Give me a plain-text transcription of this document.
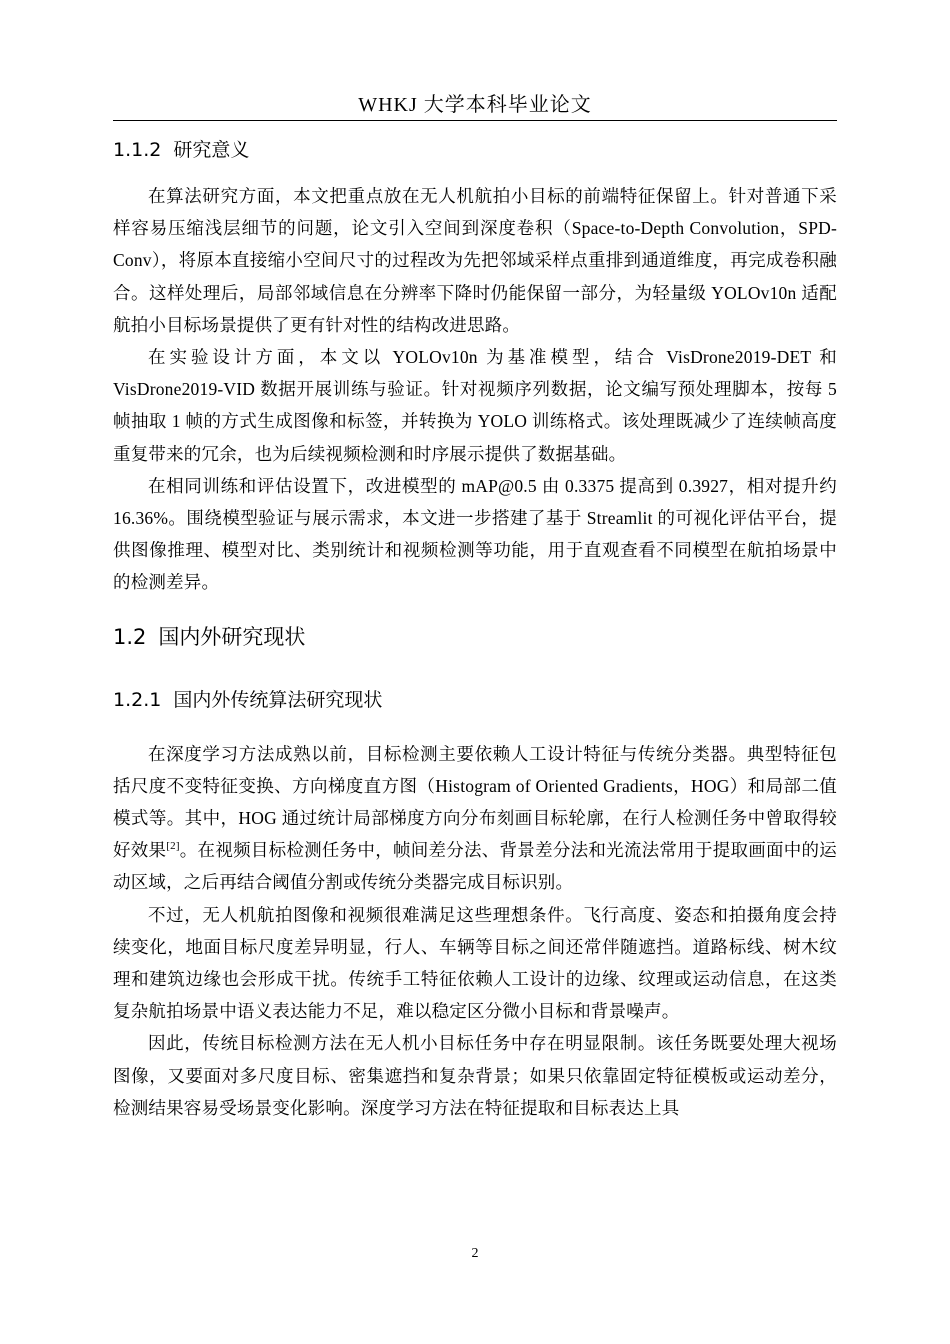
WHKJ 大学本科毕业论文
1.1.2 研究意义

在算法研究方面，本文把重点放在无人机航拍小目标的前端特征保留上。针对普通下采样容易压缩浅层细节的问题，论文引入空间到深度卷积（Space-to-Depth Convolution，SPD-Conv），将原本直接缩小空间尺寸的过程改为先把邻域采样点重排到通道维度，再完成卷积融合。这样处理后，局部邻域信息在分辨率下降时仍能保留一部分，为轻量级 YOLOv10n 适配航拍小目标场景提供了更有针对性的结构改进思路。

在实验设计方面，本文以 YOLOv10n 为基准模型，结合 VisDrone2019-DET 和 VisDrone2019-VID 数据开展训练与验证。针对视频序列数据，论文编写预处理脚本，按每 5 帧抽取 1 帧的方式生成图像和标签，并转换为 YOLO 训练格式。该处理既减少了连续帧高度重复带来的冗余，也为后续视频检测和时序展示提供了数据基础。

在相同训练和评估设置下，改进模型的 mAP@0.5 由 0.3375 提高到 0.3927，相对提升约 16.36%。围绕模型验证与展示需求，本文进一步搭建了基于 Streamlit 的可视化评估平台，提供图像推理、模型对比、类别统计和视频检测等功能，用于直观查看不同模型在航拍场景中的检测差异。

1.2 国内外研究现状
1.2.1 国内外传统算法研究现状

在深度学习方法成熟以前，目标检测主要依赖人工设计特征与传统分类器。典型特征包括尺度不变特征变换、方向梯度直方图（Histogram of Oriented Gradients，HOG）和局部二值模式等。其中，HOG 通过统计局部梯度方向分布刻画目标轮廓，在行人检测任务中曾取得较好效果[2]。在视频目标检测任务中，帧间差分法、背景差分法和光流法常用于提取画面中的运动区域，之后再结合阈值分割或传统分类器完成目标识别。

不过，无人机航拍图像和视频很难满足这些理想条件。飞行高度、姿态和拍摄角度会持续变化，地面目标尺度差异明显，行人、车辆等目标之间还常伴随遮挡。道路标线、树木纹理和建筑边缘也会形成干扰。传统手工特征依赖人工设计的边缘、纹理或运动信息，在这类复杂航拍场景中语义表达能力不足，难以稳定区分微小目标和背景噪声。

因此，传统目标检测方法在无人机小目标任务中存在明显限制。该任务既要处理大视场图像，又要面对多尺度目标、密集遮挡和复杂背景；如果只依靠固定特征模板或运动差分，检测结果容易受场景变化影响。深度学习方法在特征提取和目标表达上具

2
